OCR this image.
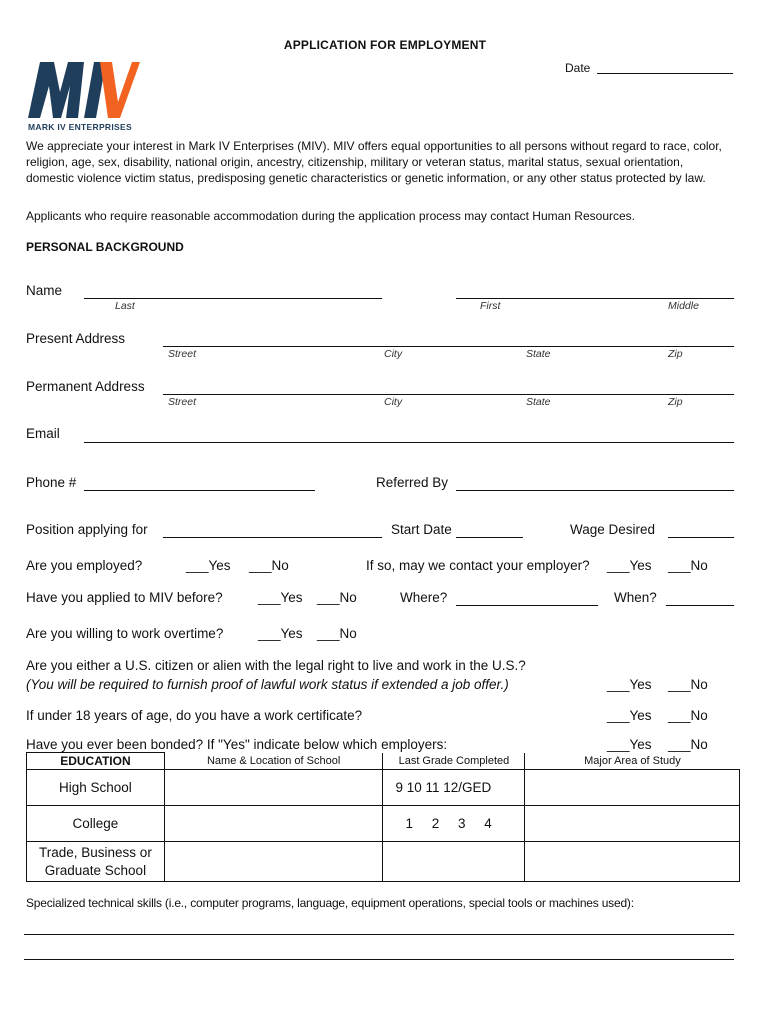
APPLICATION FOR EMPLOYMENT
Date
MARK IV ENTERPRISES
We appreciate your interest in Mark IV Enterprises (MIV). MIV offers equal opportunities to all persons without regard to race, color, religion, age, sex, disability, national origin, ancestry, citizenship, military or veteran status, marital status, sexual orientation, domestic violence victim status, predisposing genetic characteristics or genetic information, or any other status protected by law.
Applicants who require reasonable accommodation during the application process may contact Human Resources.
PERSONAL BACKGROUND
Name
Last	First	Middle
Present Address
Street	City	State	Zip
Permanent Address
Street	City	State	Zip
Email
Phone #	Referred By
Position applying for	Start Date	Wage Desired
Are you employed?	___Yes ___No	If so, may we contact your employer? ___Yes ___No
Have you applied to MIV before?	___Yes ___No	Where?	When?
Are you willing to work overtime?	___Yes ___No
Are you either a U.S. citizen or alien with the legal right to live and work in the U.S.?
(You will be required to furnish proof of lawful work status if extended a job offer.)	___Yes ___No
If under 18 years of age, do you have a work certificate?	___Yes ___No
Have you ever been bonded? If "Yes" indicate below which employers:	___Yes ___No
EDUCATION	Name & Location of School	Last Grade Completed	Major Area of Study
High School		9 10 11 12/GED	
College		1     2     3     4	
Trade, Business or Graduate School			
Specialized technical skills (i.e., computer programs, language, equipment operations, special tools or machines used):
